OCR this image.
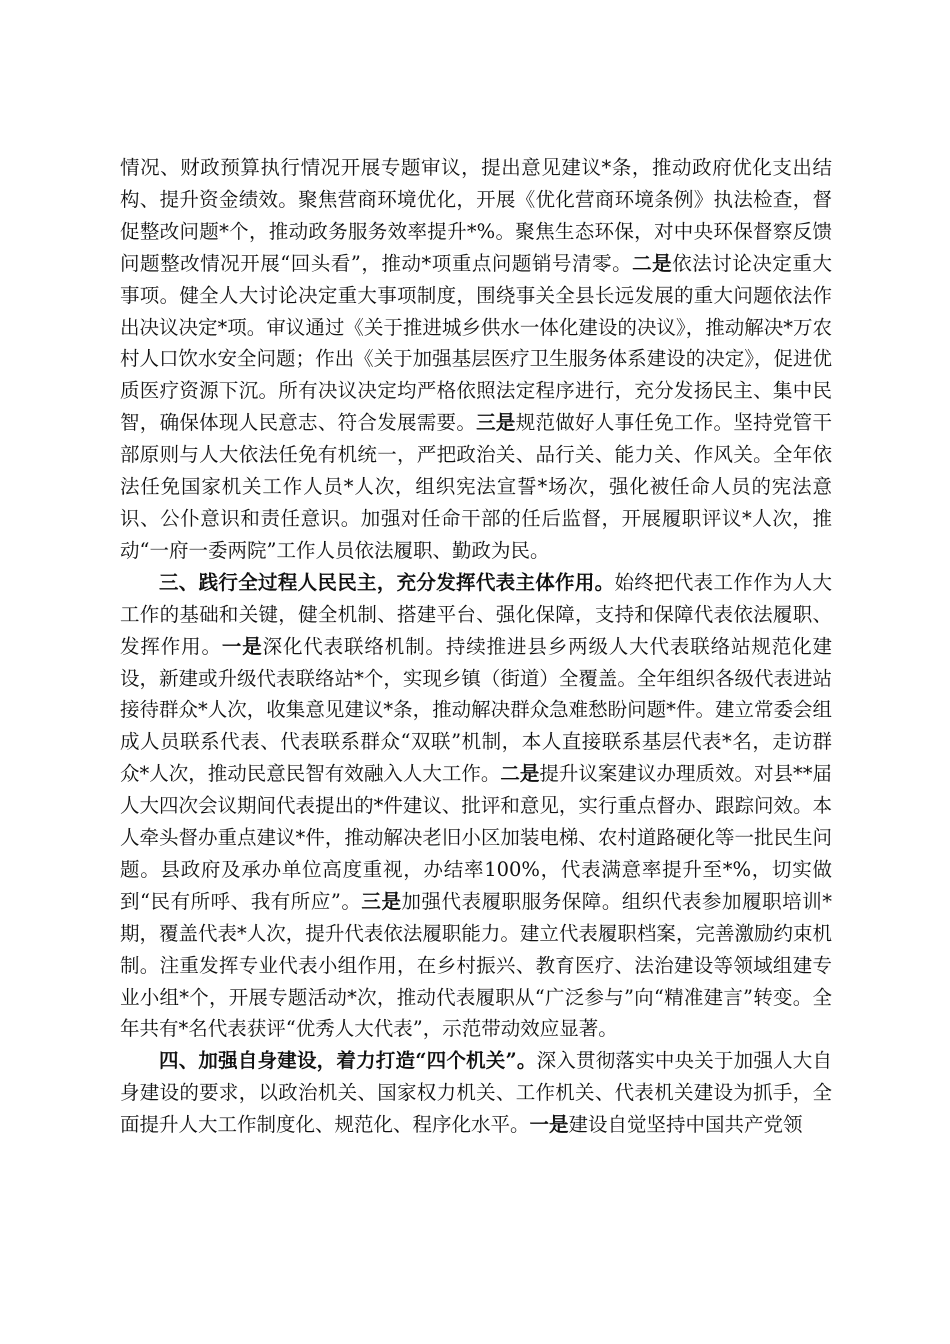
情况、财政预算执行情况开展专题审议，提出意见建议*条，推动政府优化支出结构、提升资金绩效。聚焦营商环境优化，开展《优化营商环境条例》执法检查，督促整改问题*个，推动政务服务效率提升*%。聚焦生态环保，对中央环保督察反馈问题整改情况开展“回头看”，推动*项重点问题销号清零。二是依法讨论决定重大事项。健全人大讨论决定重大事项制度，围绕事关全县长远发展的重大问题依法作出决议决定*项。审议通过《关于推进城乡供水一体化建设的决议》，推动解决*万农村人口饮水安全问题；作出《关于加强基层医疗卫生服务体系建设的决定》，促进优质医疗资源下沉。所有决议决定均严格依照法定程序进行，充分发扬民主、集中民智，确保体现人民意志、符合发展需要。三是规范做好人事任免工作。坚持党管干部原则与人大依法任免有机统一，严把政治关、品行关、能力关、作风关。全年依法任免国家机关工作人员*人次，组织宪法宣誓*场次，强化被任命人员的宪法意识、公仆意识和责任意识。加强对任命干部的任后监督，开展履职评议*人次，推动“一府一委两院”工作人员依法履职、勤政为民。

三、践行全过程人民民主，充分发挥代表主体作用。始终把代表工作作为人大工作的基础和关键，健全机制、搭建平台、强化保障，支持和保障代表依法履职、发挥作用。一是深化代表联络机制。持续推进县乡两级人大代表联络站规范化建设，新建或升级代表联络站*个，实现乡镇（街道）全覆盖。全年组织各级代表进站接待群众*人次，收集意见建议*条，推动解决群众急难愁盼问题*件。建立常委会组成人员联系代表、代表联系群众“双联”机制，本人直接联系基层代表*名，走访群众*人次，推动民意民智有效融入人大工作。二是提升议案建议办理质效。对县**届人大四次会议期间代表提出的*件建议、批评和意见，实行重点督办、跟踪问效。本人牵头督办重点建议*件，推动解决老旧小区加装电梯、农村道路硬化等一批民生问题。县政府及承办单位高度重视，办结率100%，代表满意率提升至*%，切实做到“民有所呼、我有所应”。三是加强代表履职服务保障。组织代表参加履职培训*期，覆盖代表*人次，提升代表依法履职能力。建立代表履职档案，完善激励约束机制。注重发挥专业代表小组作用，在乡村振兴、教育医疗、法治建设等领域组建专业小组*个，开展专题活动*次，推动代表履职从“广泛参与”向“精准建言”转变。全年共有*名代表获评“优秀人大代表”，示范带动效应显著。

四、加强自身建设，着力打造“四个机关”。深入贯彻落实中央关于加强人大自身建设的要求，以政治机关、国家权力机关、工作机关、代表机关建设为抓手，全面提升人大工作制度化、规范化、程序化水平。一是建设自觉坚持中国共产党领
